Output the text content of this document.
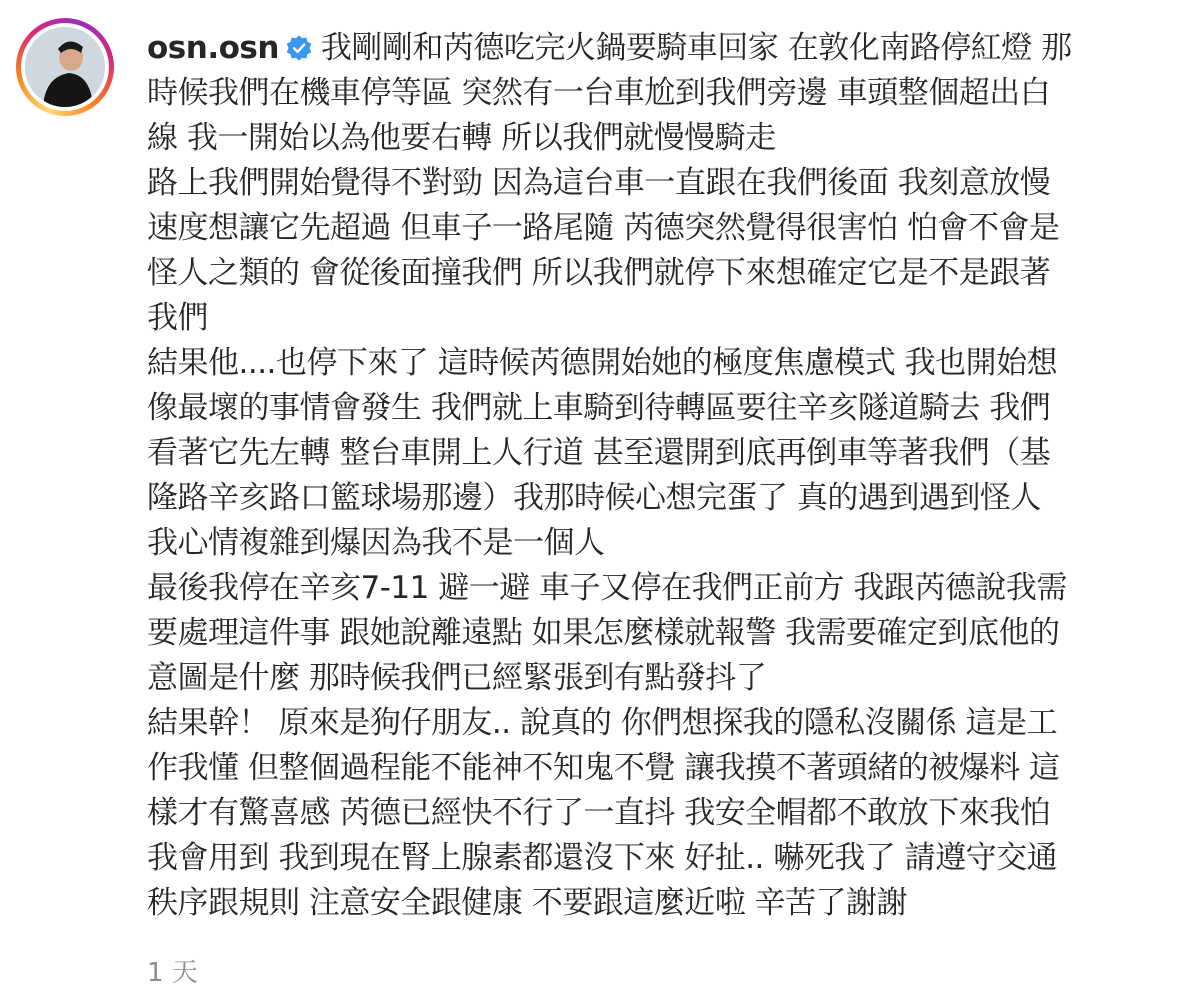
osn.osn 我剛剛和芮德吃完火鍋要騎車回家 在敦化南路停紅燈 那
時候我們在機車停等區 突然有一台車尬到我們旁邊 車頭整個超出白
線 我一開始以為他要右轉 所以我們就慢慢騎走
路上我們開始覺得不對勁 因為這台車一直跟在我們後面 我刻意放慢
速度想讓它先超過 但車子一路尾隨 芮德突然覺得很害怕 怕會不會是
怪人之類的 會從後面撞我們 所以我們就停下來想確定它是不是跟著
我們
結果他....也停下來了 這時候芮德開始她的極度焦慮模式 我也開始想
像最壞的事情會發生 我們就上車騎到待轉區要往辛亥隧道騎去 我們
看著它先左轉 整台車開上人行道 甚至還開到底再倒車等著我們（基
隆路辛亥路口籃球場那邊）我那時候心想完蛋了 真的遇到遇到怪人
我心情複雜到爆因為我不是一個人
最後我停在辛亥7-11 避一避 車子又停在我們正前方 我跟芮德說我需
要處理這件事 跟她說離遠點 如果怎麼樣就報警 我需要確定到底他的
意圖是什麼 那時候我們已經緊張到有點發抖了
結果幹！ 原來是狗仔朋友.. 說真的 你們想探我的隱私沒關係 這是工
作我懂 但整個過程能不能神不知鬼不覺 讓我摸不著頭緒的被爆料 這
樣才有驚喜感 芮德已經快不行了一直抖 我安全帽都不敢放下來我怕
我會用到 我到現在腎上腺素都還沒下來 好扯.. 嚇死我了 請遵守交通
秩序跟規則 注意安全跟健康 不要跟這麼近啦 辛苦了謝謝
1 天
